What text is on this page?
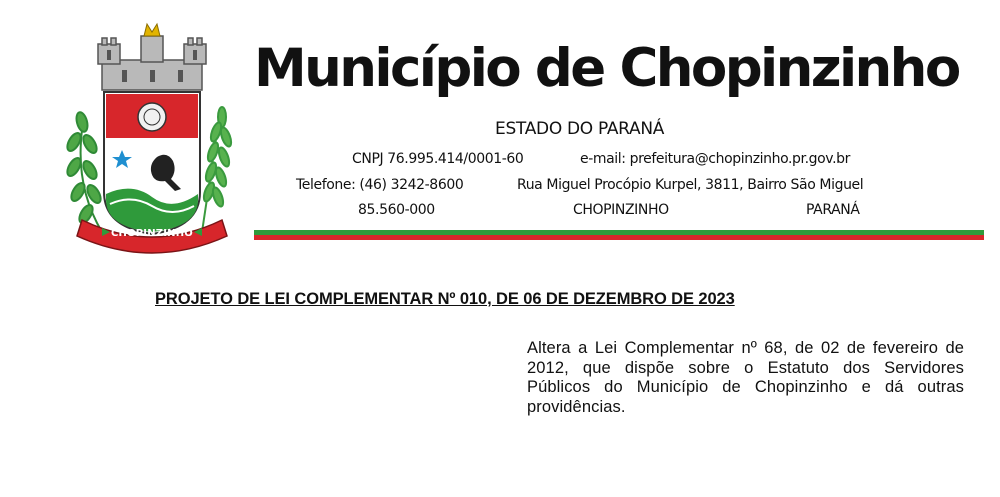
CHOPINZINHO
Município de Chopinzinho
ESTADO DO PARANÁ
CNPJ 76.995.414/0001-60	e-mail: prefeitura@chopinzinho.pr.gov.br
Telefone: (46) 3242-8600	Rua Miguel Procópio Kurpel, 3811, Bairro São Miguel
85.560-000	CHOPINZINHO	PARANÁ
PROJETO DE LEI COMPLEMENTAR Nº 010, DE 06 DE DEZEMBRO DE 2023
Altera a Lei Complementar nº 68, de 02 de fevereiro de 2012, que dispõe sobre o Estatuto dos Servidores Públicos do Município de Chopinzinho e dá outras providências.
